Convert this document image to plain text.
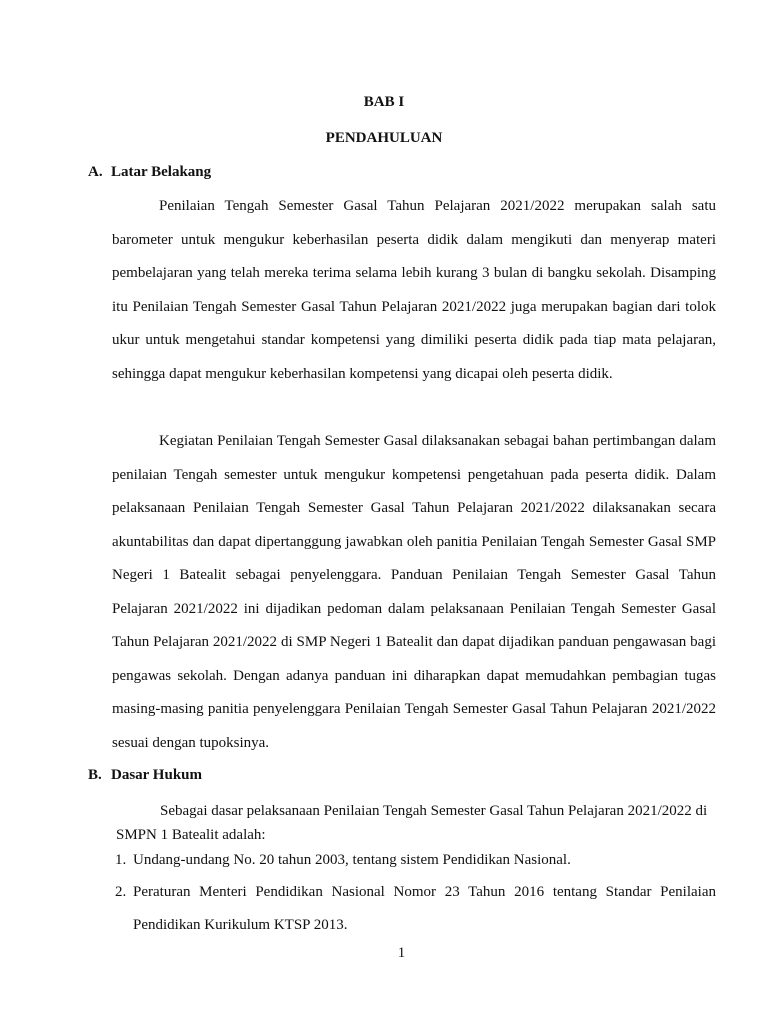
BAB I

PENDAHULUAN

A. Latar Belakang

Penilaian Tengah Semester Gasal Tahun Pelajaran 2021/2022 merupakan salah satu barometer untuk mengukur keberhasilan peserta didik dalam mengikuti dan menyerap materi pembelajaran yang telah mereka terima selama lebih kurang 3 bulan di bangku sekolah. Disamping itu Penilaian Tengah Semester Gasal Tahun Pelajaran 2021/2022 juga merupakan bagian dari tolok ukur untuk mengetahui standar kompetensi yang dimiliki peserta didik pada tiap mata pelajaran, sehingga dapat mengukur keberhasilan kompetensi yang dicapai oleh peserta didik.

Kegiatan Penilaian Tengah Semester Gasal dilaksanakan sebagai bahan pertimbangan dalam penilaian Tengah semester untuk mengukur kompetensi pengetahuan pada peserta didik. Dalam pelaksanaan Penilaian Tengah Semester Gasal Tahun Pelajaran 2021/2022 dilaksanakan secara akuntabilitas dan dapat dipertanggung jawabkan oleh panitia Penilaian Tengah Semester Gasal SMP Negeri 1 Batealit sebagai penyelenggara. Panduan Penilaian Tengah Semester Gasal Tahun Pelajaran 2021/2022 ini dijadikan pedoman dalam pelaksanaan Penilaian Tengah Semester Gasal Tahun Pelajaran 2021/2022 di SMP Negeri 1 Batealit dan dapat dijadikan panduan pengawasan bagi pengawas sekolah. Dengan adanya panduan ini diharapkan dapat memudahkan pembagian tugas masing-masing panitia penyelenggara Penilaian Tengah Semester Gasal Tahun Pelajaran 2021/2022 sesuai dengan tupoksinya.

B. Dasar Hukum

Sebagai dasar pelaksanaan Penilaian Tengah Semester Gasal Tahun Pelajaran 2021/2022 di SMPN 1 Batealit adalah:

1. Undang-undang No. 20 tahun 2003, tentang sistem Pendidikan Nasional.
2. Peraturan Menteri Pendidikan Nasional Nomor 23 Tahun 2016 tentang Standar Penilaian Pendidikan Kurikulum KTSP 2013.

1
